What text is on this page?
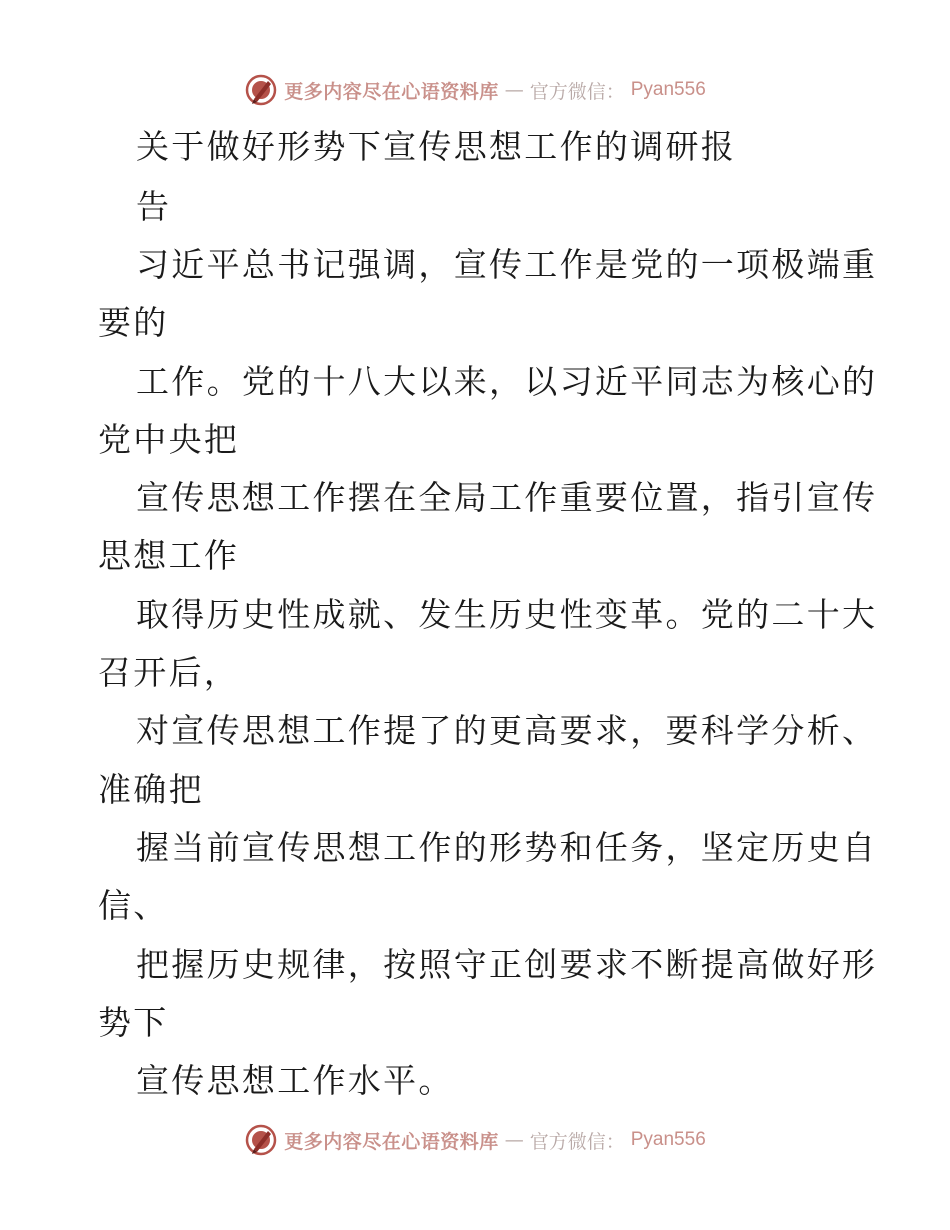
更多内容尽在心语资料库 — 官方微信： Pyan556
关于做好形势下宣传思想工作的调研报
告
习近平总书记强调，宣传工作是党的一项极端重
要的
工作。党的十八大以来，以习近平同志为核心的
党中央把
宣传思想工作摆在全局工作重要位置，指引宣传
思想工作
取得历史性成就、发生历史性变革。党的二十大
召开后，
对宣传思想工作提了的更高要求，要科学分析、
准确把
握当前宣传思想工作的形势和任务，坚定历史自
信、
把握历史规律，按照守正创要求不断提高做好形
势下
宣传思想工作水平。
更多内容尽在心语资料库 — 官方微信： Pyan556
